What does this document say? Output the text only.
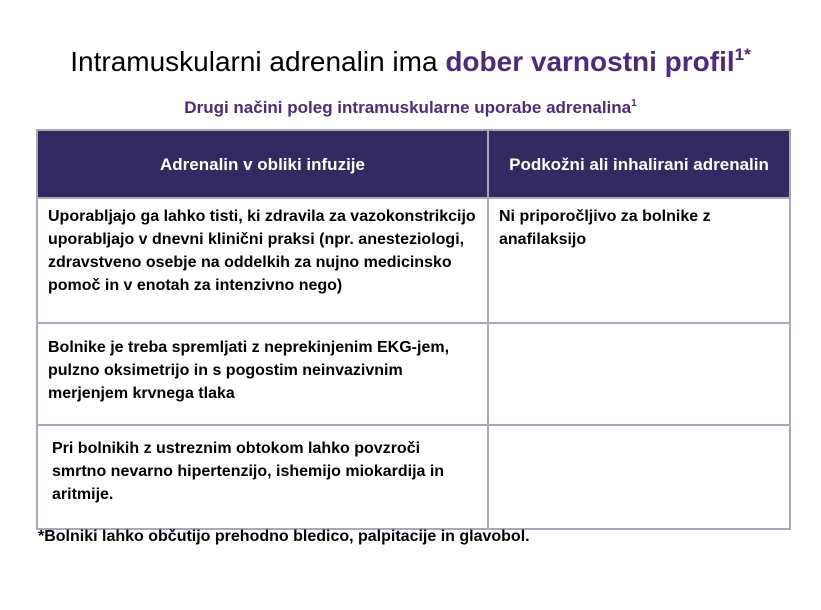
Intramuskularni adrenalin ima dober varnostni profil$^{1*}$
Drugi načini poleg intramuskularne uporabe adrenalina$^1$
Adrenalin v obliki infuzije	Podkožni ali inhalirani adrenalin
Uporabljajo ga lahko tisti, ki zdravila za vazokonstrikcijo uporabljajo v dnevni klinični praksi (npr. anesteziologi, zdravstveno osebje na oddelkih za nujno medicinsko pomoč in v enotah za intenzivno nego)	Ni priporočljivo za bolnike z anafilaksijo
Bolnike je treba spremljati z neprekinjenim EKG-jem, pulzno oksimetrijo in s pogostim neinvazivnim merjenjem krvnega tlaka	
Pri bolnikih z ustreznim obtokom lahko povzroči smrtno nevarno hipertenzijo, ishemijo miokardija in aritmije.	
*Bolniki lahko občutijo prehodno bledico, palpitacije in glavobol.
